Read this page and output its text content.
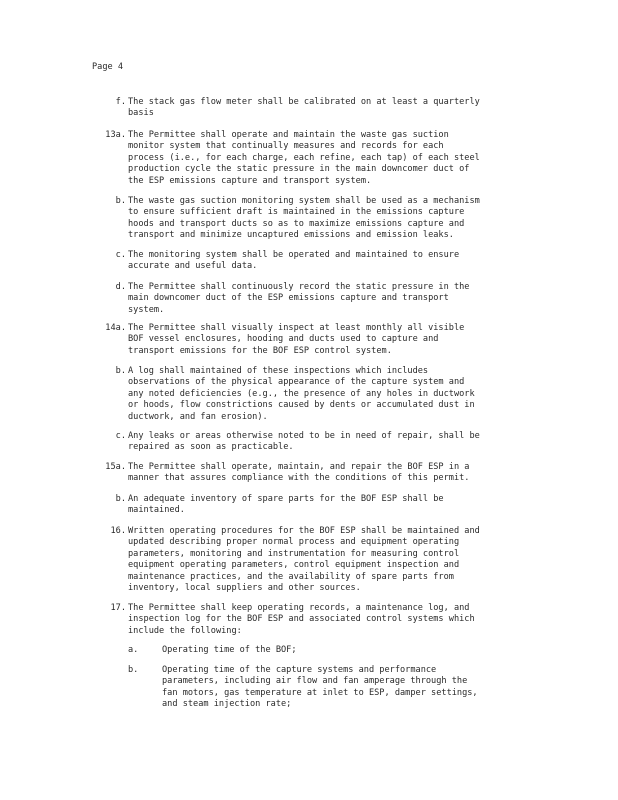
Page 4
f. The stack gas flow meter shall be calibrated on at least a quarterly
basis
13a. The Permittee shall operate and maintain the waste gas suction
monitor system that continually measures and records for each
process (i.e., for each charge, each refine, each tap) of each steel
production cycle the static pressure in the main downcomer duct of
the ESP emissions capture and transport system.
b. The waste gas suction monitoring system shall be used as a mechanism
to ensure sufficient draft is maintained in the emissions capture
hoods and transport ducts so as to maximize emissions capture and
transport and minimize uncaptured emissions and emission leaks.
c. The monitoring system shall be operated and maintained to ensure
accurate and useful data.
d. The Permittee shall continuously record the static pressure in the
main downcomer duct of the ESP emissions capture and transport
system.
14a. The Permittee shall visually inspect at least monthly all visible
BOF vessel enclosures, hooding and ducts used to capture and
transport emissions for the BOF ESP control system.
b. A log shall maintained of these inspections which includes
observations of the physical appearance of the capture system and
any noted deficiencies (e.g., the presence of any holes in ductwork
or hoods, flow constrictions caused by dents or accumulated dust in
ductwork, and fan erosion).
c. Any leaks or areas otherwise noted to be in need of repair, shall be
repaired as soon as practicable.
15a. The Permittee shall operate, maintain, and repair the BOF ESP in a
manner that assures compliance with the conditions of this permit.
b. An adequate inventory of spare parts for the BOF ESP shall be
maintained.
16. Written operating procedures for the BOF ESP shall be maintained and
updated describing proper normal process and equipment operating
parameters, monitoring and instrumentation for measuring control
equipment operating parameters, control equipment inspection and
maintenance practices, and the availability of spare parts from
inventory, local suppliers and other sources.
17. The Permittee shall keep operating records, a maintenance log, and
inspection log for the BOF ESP and associated control systems which
include the following:
a.	Operating time of the BOF;
b.	Operating time of the capture systems and performance
parameters, including air flow and fan amperage through the
fan motors, gas temperature at inlet to ESP, damper settings,
and steam injection rate;
